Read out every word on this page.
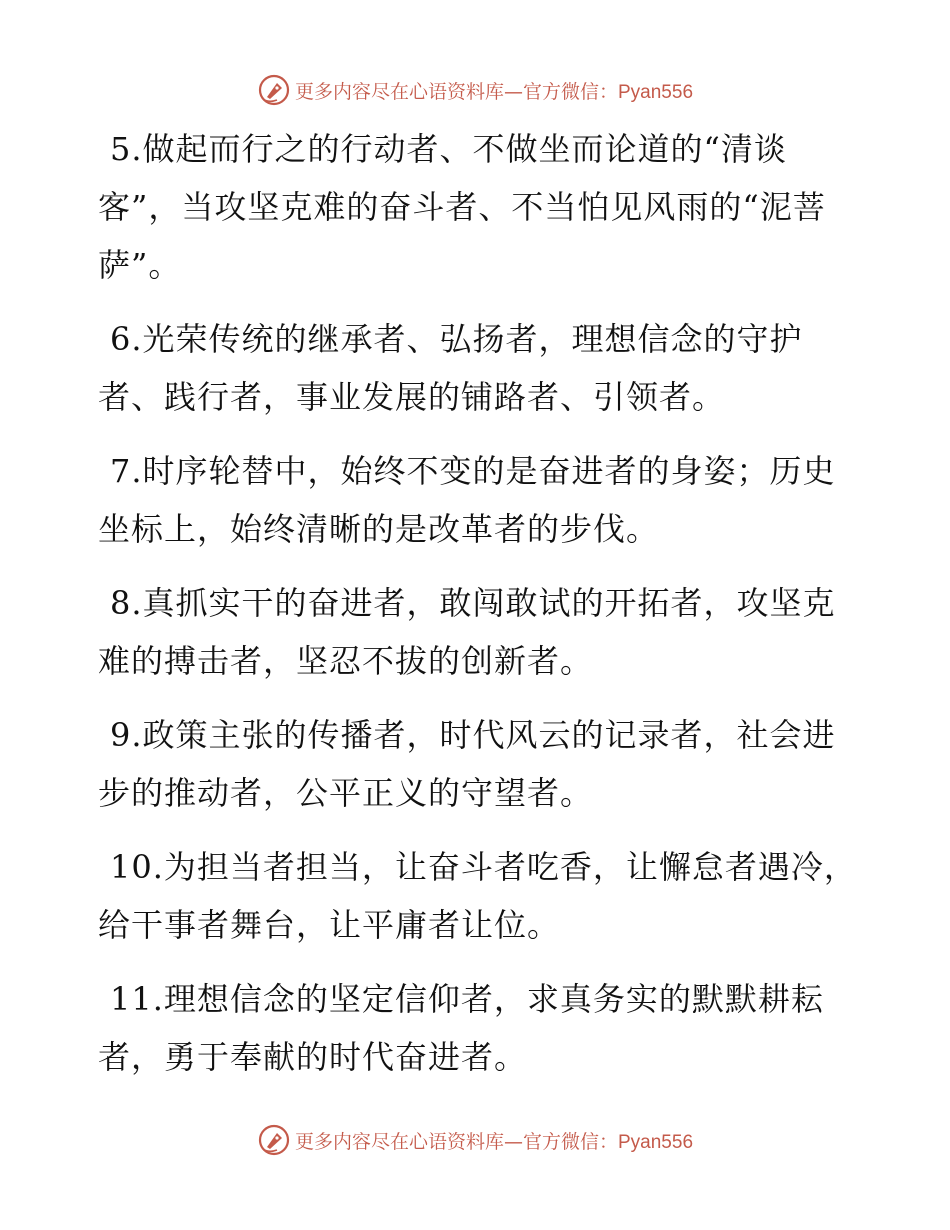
更多内容尽在心语资料库—官方微信：Pyan556

5.做起而行之的行动者、不做坐而论道的“清谈客”，当攻坚克难的奋斗者、不当怕见风雨的“泥菩萨”。

6.光荣传统的继承者、弘扬者，理想信念的守护者、践行者，事业发展的铺路者、引领者。

7.时序轮替中，始终不变的是奋进者的身姿；历史坐标上，始终清晰的是改革者的步伐。

8.真抓实干的奋进者，敢闯敢试的开拓者，攻坚克难的搏击者，坚忍不拔的创新者。

9.政策主张的传播者，时代风云的记录者，社会进步的推动者，公平正义的守望者。

10.为担当者担当，让奋斗者吃香，让懈怠者遇冷，给干事者舞台，让平庸者让位。

11.理想信念的坚定信仰者，求真务实的默默耕耘者，勇于奉献的时代奋进者。

更多内容尽在心语资料库—官方微信：Pyan556
